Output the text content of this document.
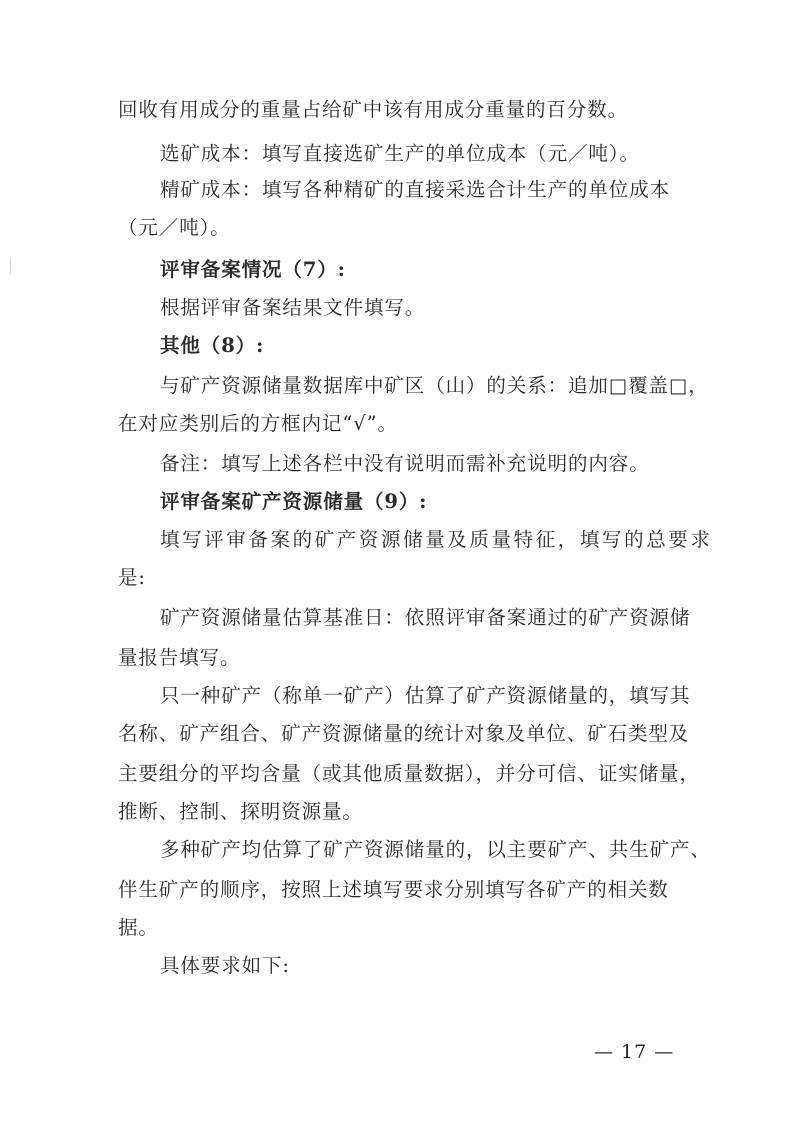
回收有用成分的重量占给矿中该有用成分重量的百分数。
选矿成本：填写直接选矿生产的单位成本（元／吨）。
精矿成本：填写各种精矿的直接采选合计生产的单位成本
（元／吨）。
评审备案情况（7）:
根据评审备案结果文件填写。
其他（8）:
与矿产资源储量数据库中矿区（山）的关系：追加□覆盖□，
在对应类别后的方框内记“√”。
备注：填写上述各栏中没有说明而需补充说明的内容。
评审备案矿产资源储量（9）:
填写评审备案的矿产资源储量及质量特征，填写的总要求
是:
矿产资源储量估算基准日：依照评审备案通过的矿产资源储
量报告填写。
只一种矿产（称单一矿产）估算了矿产资源储量的，填写其
名称、矿产组合、矿产资源储量的统计对象及单位、矿石类型及
主要组分的平均含量（或其他质量数据），并分可信、证实储量，
推断、控制、探明资源量。
多种矿产均估算了矿产资源储量的，以主要矿产、共生矿产、
伴生矿产的顺序，按照上述填写要求分别填写各矿产的相关数
据。
具体要求如下:
— 17 —
